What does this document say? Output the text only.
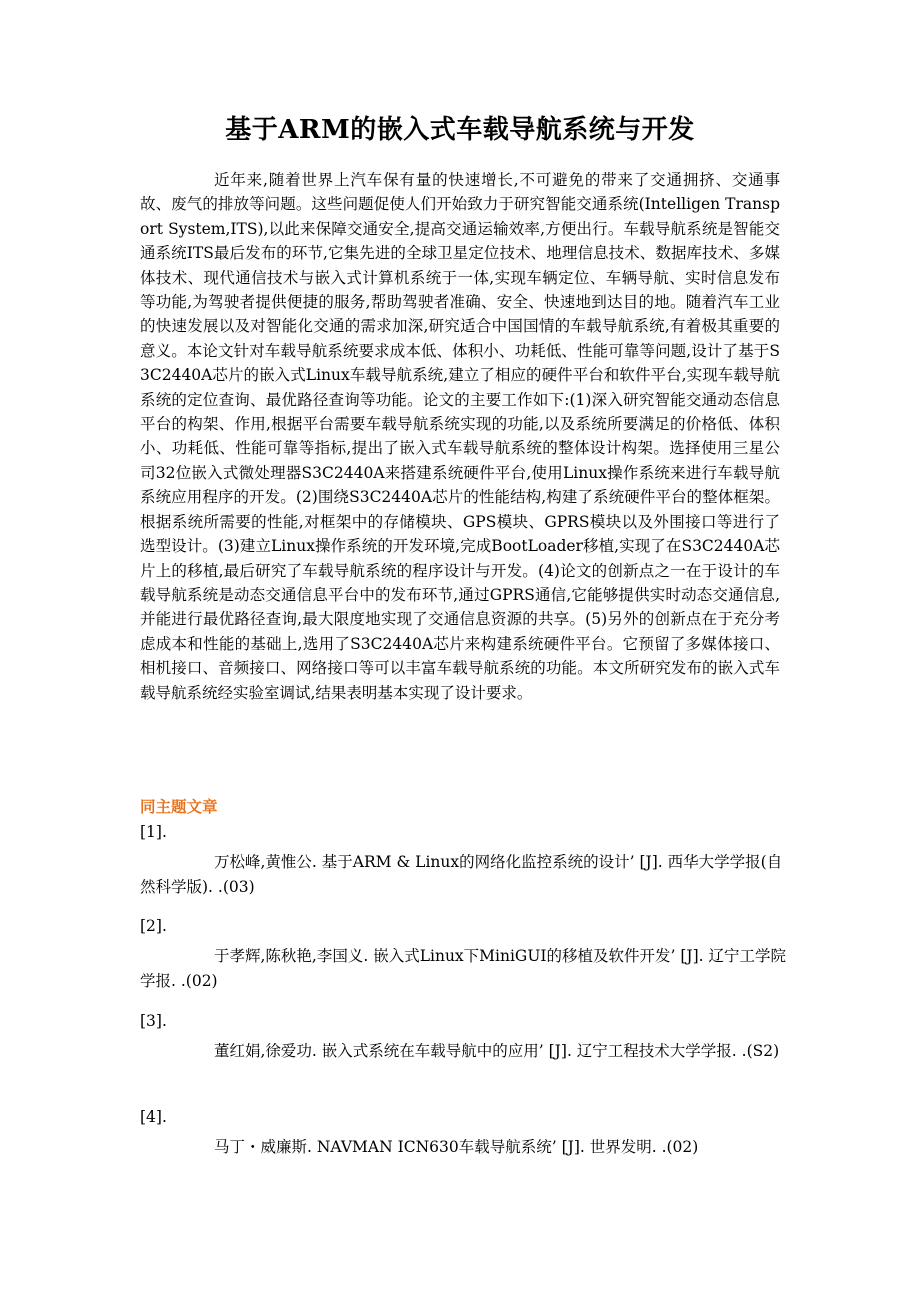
基于ARM的嵌入式车载导航系统与开发

近年来,随着世界上汽车保有量的快速增长,不可避免的带来了交通拥挤、交通事故、废气的排放等问题。这些问题促使人们开始致力于研究智能交通系统(Intelligen Transport System,ITS),以此来保障交通安全,提高交通运输效率,方便出行。车载导航系统是智能交通系统ITS最后发布的环节,它集先进的全球卫星定位技术、地理信息技术、数据库技术、多媒体技术、现代通信技术与嵌入式计算机系统于一体,实现车辆定位、车辆导航、实时信息发布等功能,为驾驶者提供便捷的服务,帮助驾驶者准确、安全、快速地到达目的地。随着汽车工业的快速发展以及对智能化交通的需求加深,研究适合中国国情的车载导航系统,有着极其重要的意义。本论文针对车载导航系统要求成本低、体积小、功耗低、性能可靠等问题,设计了基于S3C2440A芯片的嵌入式Linux车载导航系统,建立了相应的硬件平台和软件平台,实现车载导航系统的定位查询、最优路径查询等功能。论文的主要工作如下:(1)深入研究智能交通动态信息平台的构架、作用,根据平台需要车载导航系统实现的功能,以及系统所要满足的价格低、体积小、功耗低、性能可靠等指标,提出了嵌入式车载导航系统的整体设计构架。选择使用三星公司32位嵌入式微处理器S3C2440A来搭建系统硬件平台,使用Linux操作系统来进行车载导航系统应用程序的开发。(2)围绕S3C2440A芯片的性能结构,构建了系统硬件平台的整体框架。根据系统所需要的性能,对框架中的存储模块、GPS模块、GPRS模块以及外围接口等进行了选型设计。(3)建立Linux操作系统的开发环境,完成BootLoader移植,实现了在S3C2440A芯片上的移植,最后研究了车载导航系统的程序设计与开发。(4)论文的创新点之一在于设计的车载导航系统是动态交通信息平台中的发布环节,通过GPRS通信,它能够提供实时动态交通信息,并能进行最优路径查询,最大限度地实现了交通信息资源的共享。(5)另外的创新点在于充分考虑成本和性能的基础上,选用了S3C2440A芯片来构建系统硬件平台。它预留了多媒体接口、相机接口、音频接口、网络接口等可以丰富车载导航系统的功能。本文所研究发布的嵌入式车载导航系统经实验室调试,结果表明基本实现了设计要求。

同主题文章
[1].
万松峰,黄惟公. 基于ARM & Linux的网络化监控系统的设计’ [J]. 西华大学学报(自然科学版). .(03)
[2].
于孝辉,陈秋艳,李国义. 嵌入式Linux下MiniGUI的移植及软件开发’ [J]. 辽宁工学院学报. .(02)
[3].
董红娟,徐爱功. 嵌入式系统在车载导航中的应用’ [J]. 辽宁工程技术大学学报. .(S2)
[4].
马丁・威廉斯. NAVMAN ICN630车载导航系统’ [J]. 世界发明. .(02)
